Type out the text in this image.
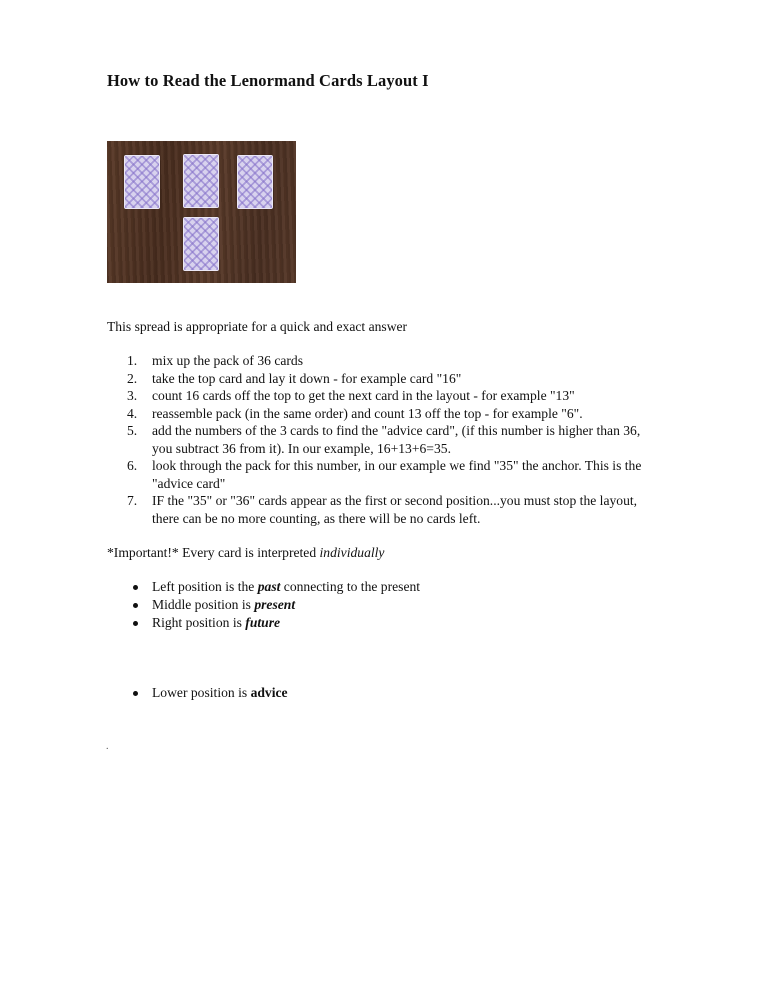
How to Read the Lenormand Cards Layout I

This spread is appropriate for a quick and exact answer

1.	mix up the pack of 36 cards
2.	take the top card and lay it down - for example card "16"
3.	count 16 cards off the top to get the next card in the layout - for example "13"
4.	reassemble pack (in the same order) and count 13 off the top - for example "6".
5.	add the numbers of the 3 cards to find the "advice card", (if this number is higher than 36,
you subtract 36 from it). In our example, 16+13+6=35.
6.	look through the pack for this number, in our example we find "35" the anchor. This is the
"advice card"
7.	IF the "35" or "36" cards appear as the first or second position...you must stop the layout,
there can be no more counting, as there will be no cards left.

*Important!* Every card is interpreted individually

Left position is the past connecting to the present
Middle position is present
Right position is future
Lower position is advice
.
